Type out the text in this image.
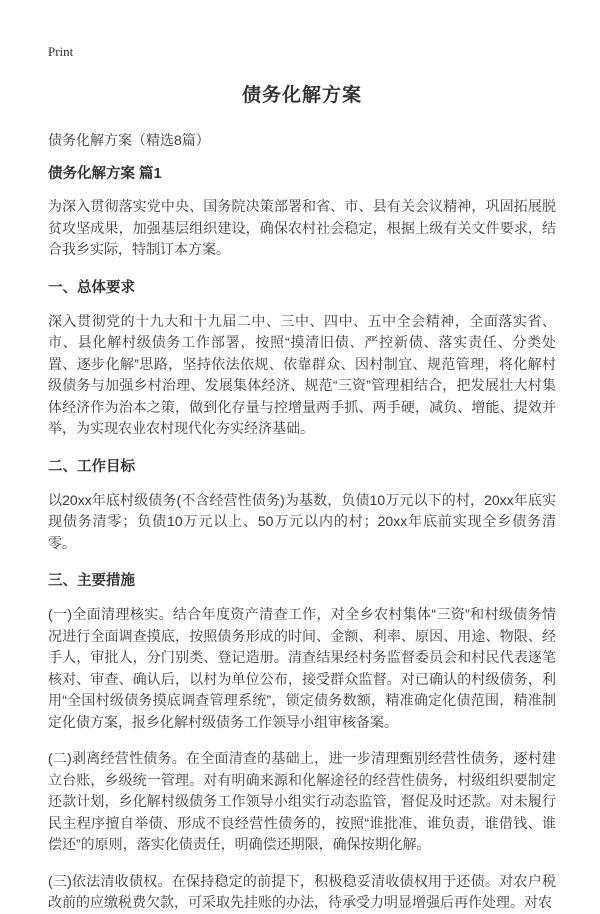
Print
债务化解方案

债务化解方案（精选8篇）

债务化解方案 篇1

为深入贯彻落实党中央、国务院决策部署和省、市、县有关会议精神，巩固拓展脱贫攻坚成果，加强基层组织建设，确保农村社会稳定，根据上级有关文件要求，结合我乡实际，特制订本方案。

一、总体要求

深入贯彻党的十九大和十九届二中、三中、四中、五中全会精神，全面落实省、市、县化解村级债务工作部署，按照“摸清旧债、严控新债、落实责任、分类处置、逐步化解”思路，坚持依法依规、依靠群众、因村制宜、规范管理，将化解村级债务与加强乡村治理、发展集体经济、规范“三资”管理相结合，把发展壮大村集体经济作为治本之策，做到化存量与控增量两手抓、两手硬，减负、增能、提效并举，为实现农业农村现代化夯实经济基础。

二、工作目标

以20xx年底村级债务(不含经营性债务)为基数，负债10万元以下的村，20xx年底实现债务清零；负债10万元以上、50万元以内的村；20xx年底前实现全乡债务清零。

三、主要措施

(一)全面清理核实。结合年度资产清查工作，对全乡农村集体“三资”和村级债务情况进行全面调查摸底，按照债务形成的时间、金额、利率、原因、用途、物限、经手人，审批人，分门别类、登记造册。清查结果经村务监督委员会和村民代表逐笔核对、审查、确认后，以村为单位公布，接受群众监督。对已确认的村级债务，利用“全国村级债务摸底调查管理系统”，锁定债务数额，精准确定化债范围，精准制定化债方案，报乡化解村级债务工作领导小组审核备案。

(二)剥离经营性债务。在全面清查的基础上，进一步清理甄别经营性债务，逐村建立台账，乡级统一管理。对有明确来源和化解途径的经营性债务，村级组织要制定还款计划，乡化解村级债务工作领导小组实行动态监管，督促及时还款。对未履行民主程序擅自举债、形成不良经营性债务的，按照“谁批准、谁负责，谁借钱、谁偿还”的原则，落实化债责任，明确偿还期限，确保按期化解。

(三)依法清收债权。在保持稳定的前提下，积极稳妥清收债权用于还债。对农户税改前的应缴税费欠款，可采取先挂账的办法，待承受力明显增强后再作处理。对农
